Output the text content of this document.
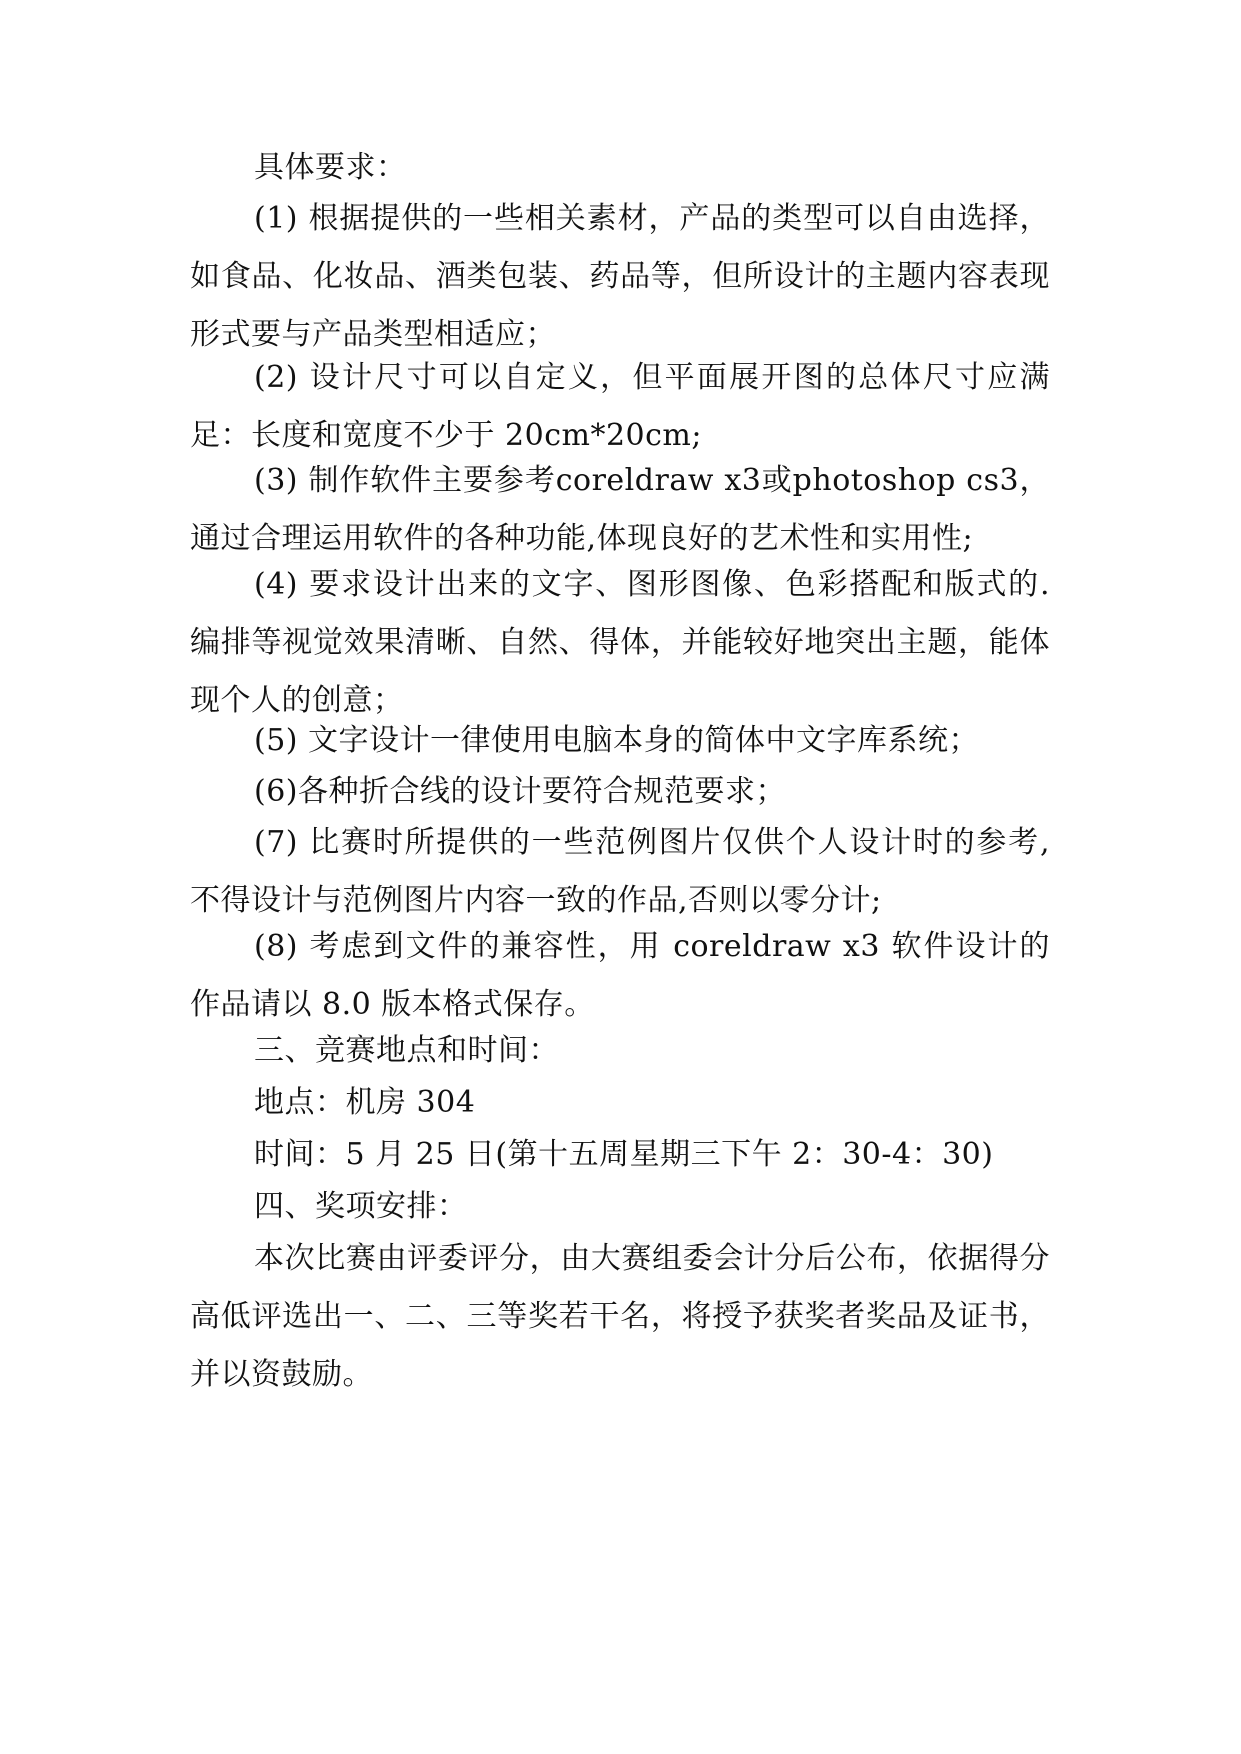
具体要求：

(1) 根据提供的一些相关素材，产品的类型可以自由选择，如食品、化妆品、酒类包装、药品等，但所设计的主题内容表现形式要与产品类型相适应；

(2) 设计尺寸可以自定义，但平面展开图的总体尺寸应满足：长度和宽度不少于 20cm*20cm;

(3) 制作软件主要参考coreldraw x3或photoshop cs3，通过合理运用软件的各种功能,体现良好的艺术性和实用性;

(4) 要求设计出来的文字、图形图像、色彩搭配和版式的.编排等视觉效果清晰、自然、得体，并能较好地突出主题，能体现个人的创意；

(5) 文字设计一律使用电脑本身的简体中文字库系统；

(6)各种折合线的设计要符合规范要求；

(7) 比赛时所提供的一些范例图片仅供个人设计时的参考,不得设计与范例图片内容一致的作品,否则以零分计;

(8) 考虑到文件的兼容性，用 coreldraw x3 软件设计的作品请以 8.0 版本格式保存。

三、竞赛地点和时间：

地点：机房 304

时间：5 月 25 日(第十五周星期三下午 2：30-4：30)

四、奖项安排：

本次比赛由评委评分，由大赛组委会计分后公布，依据得分高低评选出一、二、三等奖若干名，将授予获奖者奖品及证书，并以资鼓励。
